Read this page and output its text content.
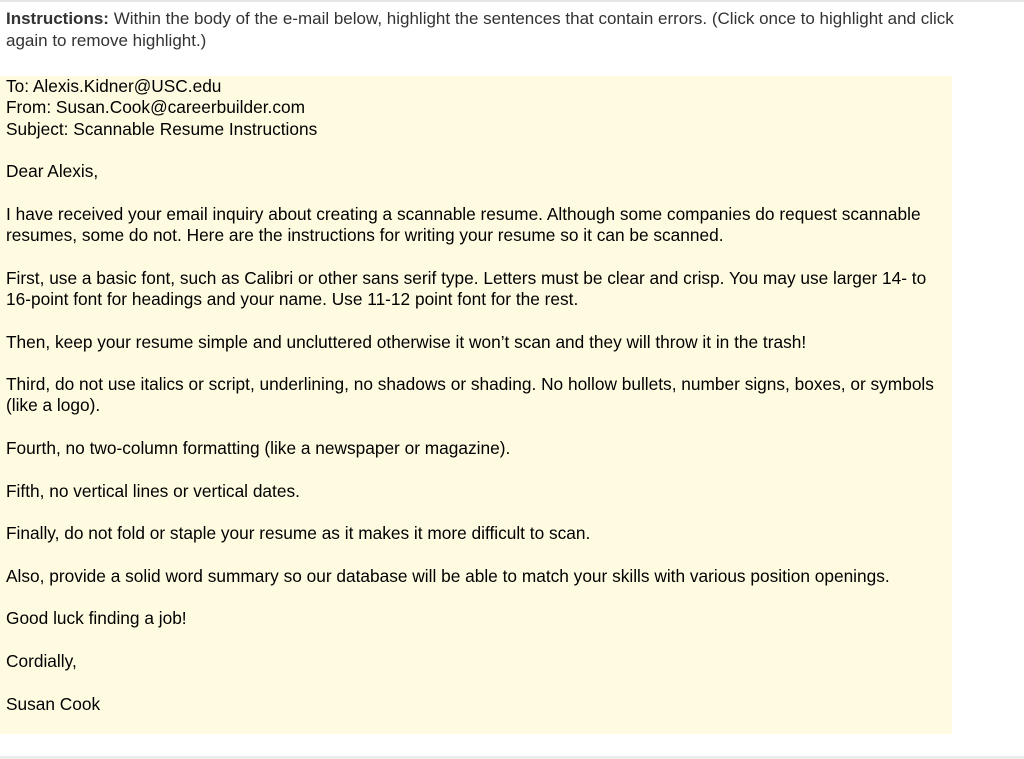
Instructions: Within the body of the e-mail below, highlight the sentences that contain errors. (Click once to highlight and click again to remove highlight.)
To: Alexis.Kidner@USC.edu
From: Susan.Cook@careerbuilder.com
Subject: Scannable Resume Instructions
Dear Alexis,
I have received your email inquiry about creating a scannable resume. Although some companies do request scannable resumes, some do not. Here are the instructions for writing your resume so it can be scanned.
First, use a basic font, such as Calibri or other sans serif type. Letters must be clear and crisp. You may use larger 14- to 16-point font for headings and your name. Use 11-12 point font for the rest.
Then, keep your resume simple and uncluttered otherwise it won’t scan and they will throw it in the trash!
Third, do not use italics or script, underlining, no shadows or shading. No hollow bullets, number signs, boxes, or symbols (like a logo).
Fourth, no two-column formatting (like a newspaper or magazine).
Fifth, no vertical lines or vertical dates.
Finally, do not fold or staple your resume as it makes it more difficult to scan.
Also, provide a solid word summary so our database will be able to match your skills with various position openings.
Good luck finding a job!
Cordially,
Susan Cook
